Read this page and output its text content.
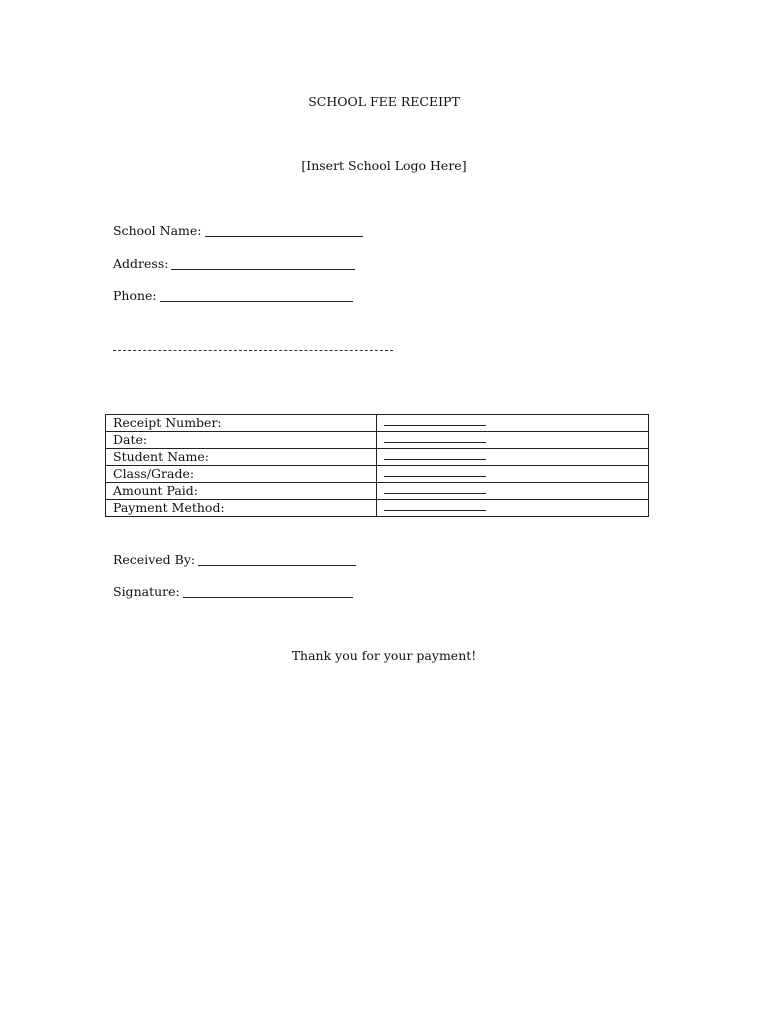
SCHOOL FEE RECEIPT
[Insert School Logo Here]
School Name:
Address:
Phone:
Receipt Number:	
Date:	
Student Name:	
Class/Grade:	
Amount Paid:	
Payment Method:	
Received By:
Signature:
Thank you for your payment!
